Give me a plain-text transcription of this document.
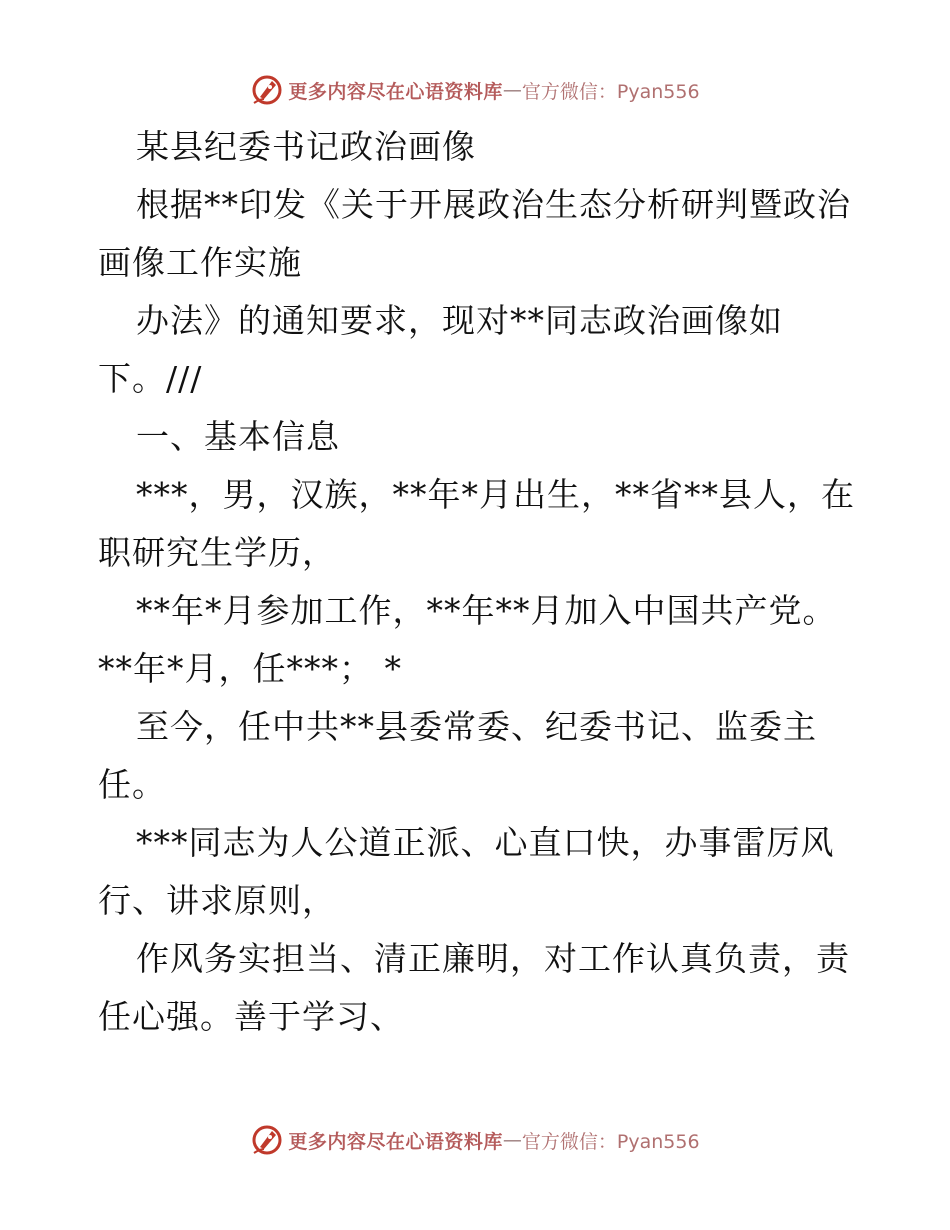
更多内容尽在心语资料库 — 官方微信：Pyan556
某县纪委书记政治画像
根据**印发《关于开展政治生态分析研判暨政治
画像工作实施
办法》的通知要求，现对**同志政治画像如
下。///
一、基本信息
***，男，汉族，**年*月出生，**省**县人，在
职研究生学历，
**年*月参加工作，**年**月加入中国共产党。
**年*月，任***； *
至今，任中共**县委常委、纪委书记、监委主
任。
***同志为人公道正派、心直口快，办事雷厉风
行、讲求原则，
作风务实担当、清正廉明，对工作认真负责，责
任心强。善于学习、
更多内容尽在心语资料库 — 官方微信：Pyan556
